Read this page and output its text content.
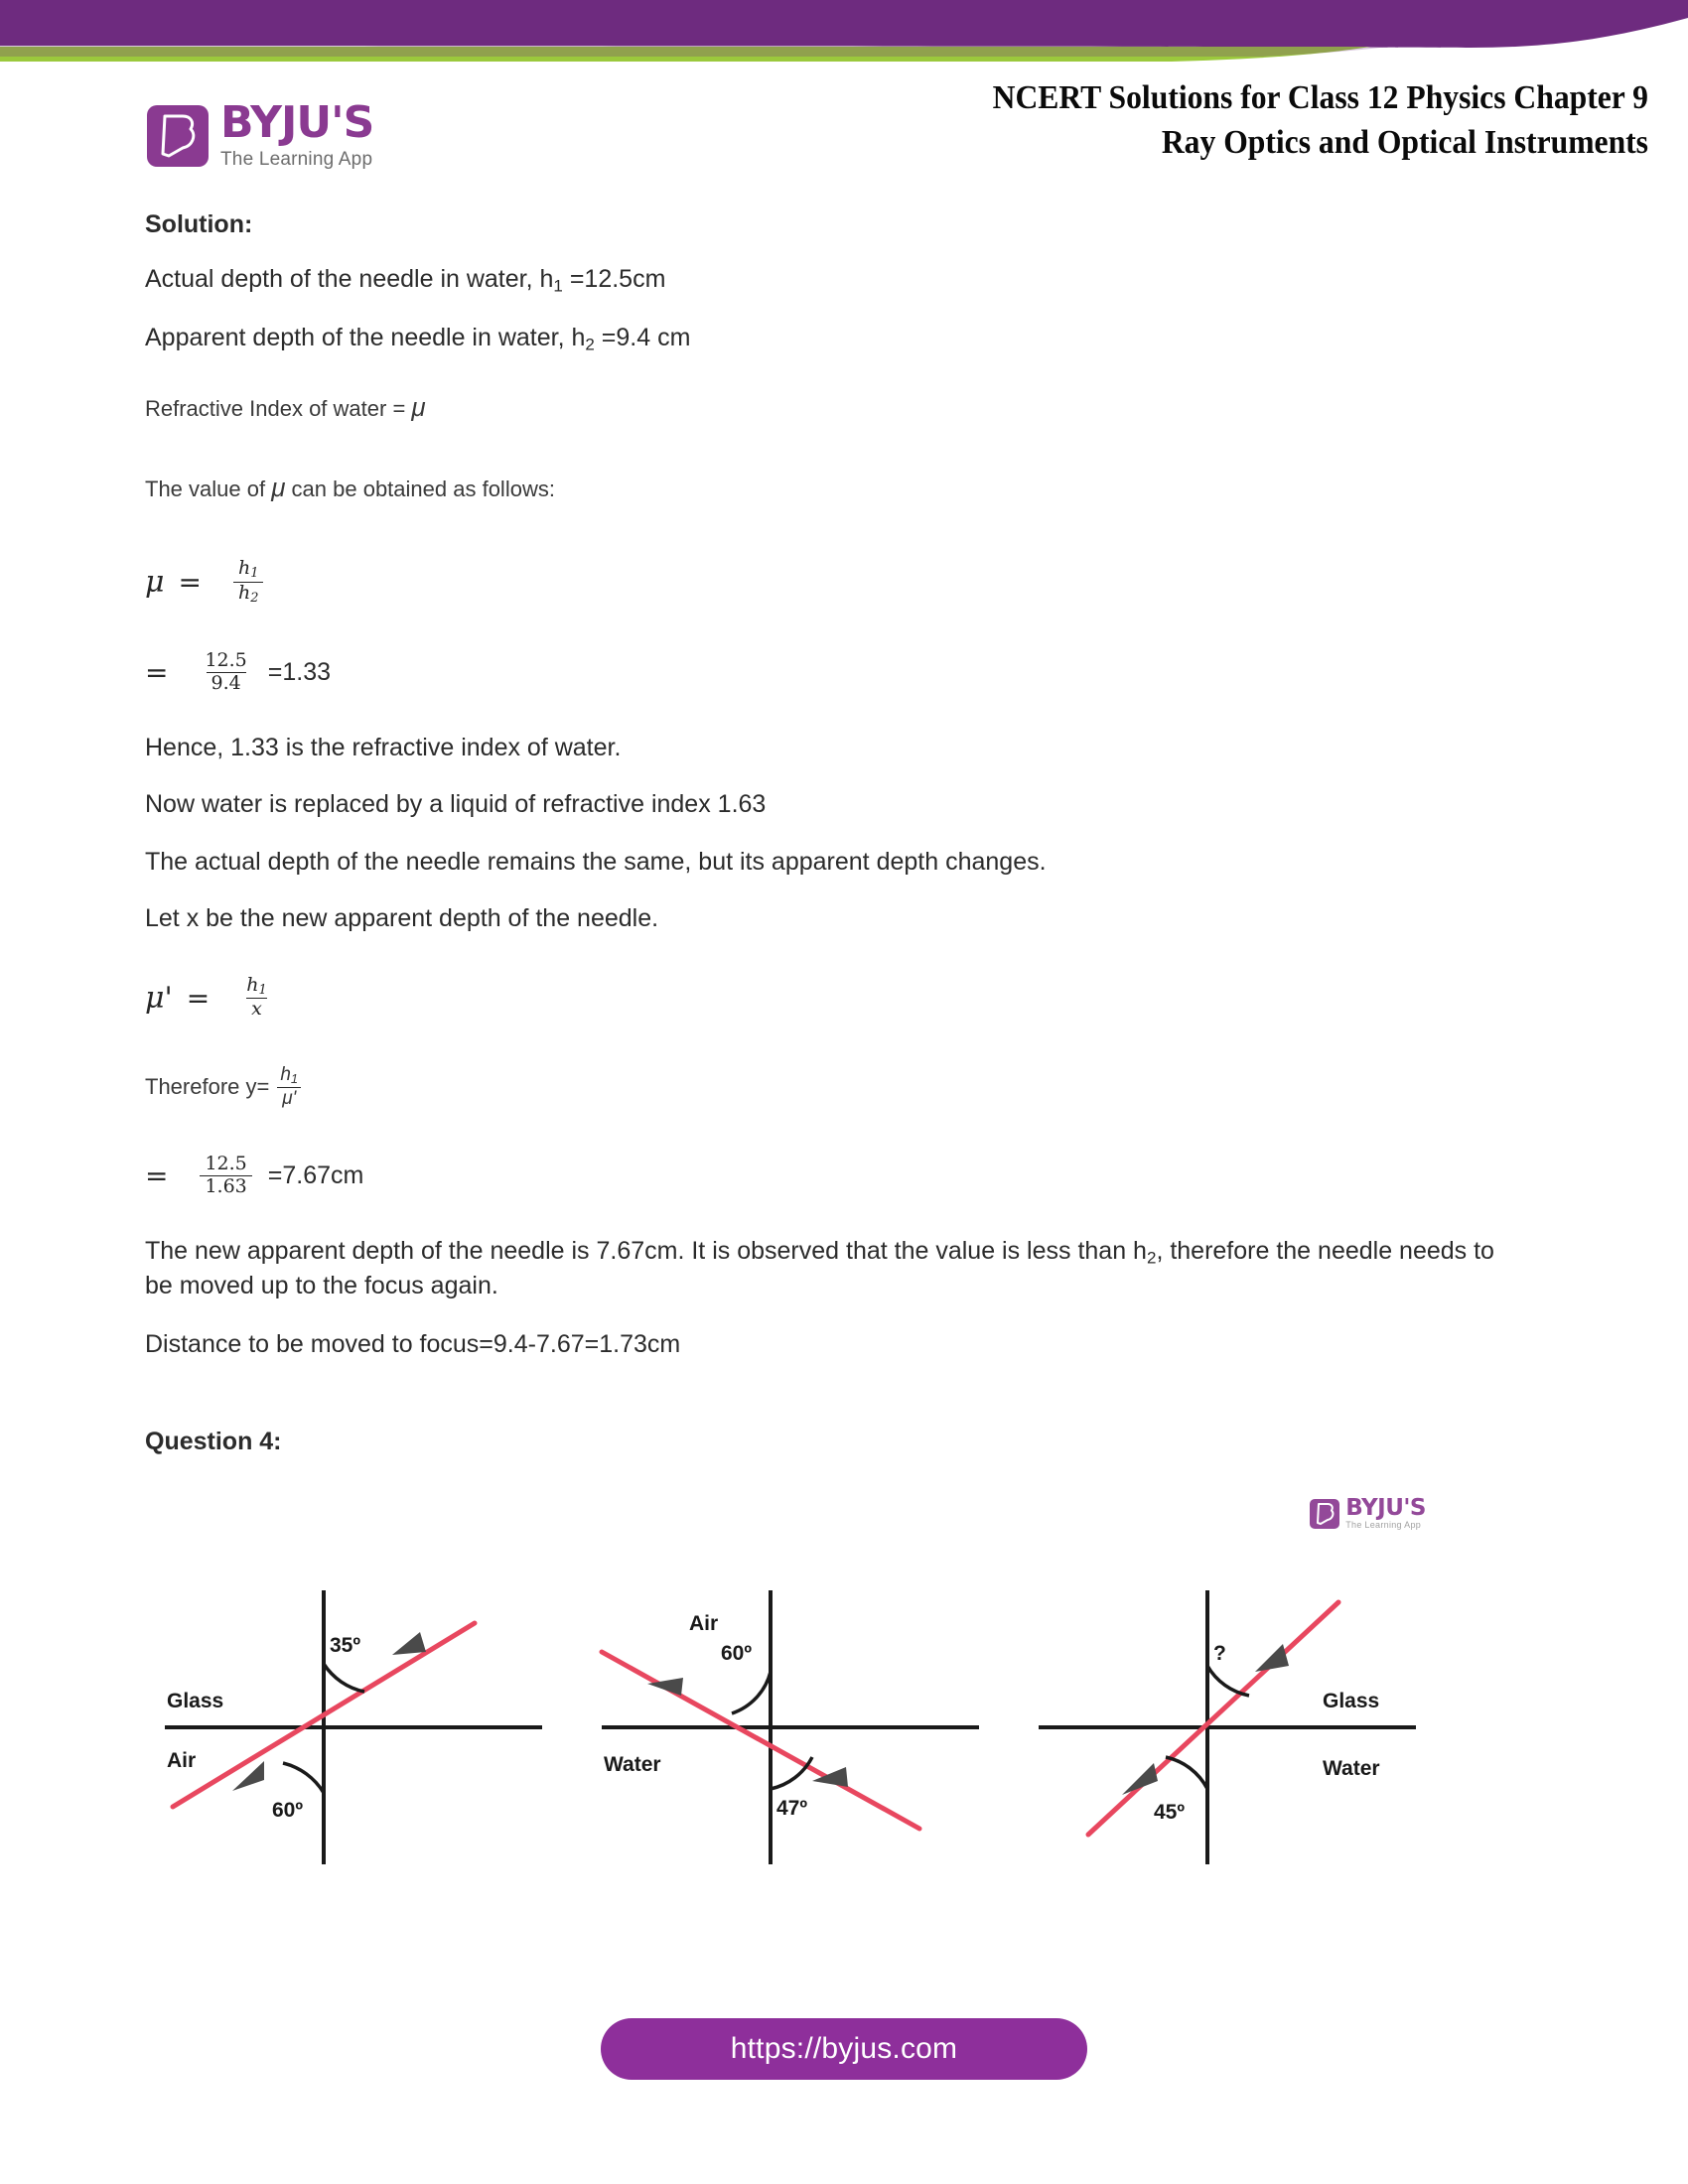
BYJU'S
The Learning App
NCERT Solutions for Class 12 Physics Chapter 9
Ray Optics and Optical Instruments
Solution:
Actual depth of the needle in water, $h_1 =12.5cm$
Apparent depth of the needle in water, $h_2 =9.4$ cm
Refractive Index of water = μ
The value of μ can be obtained as follows:
$\mu = \frac{h_1}{h_2}$
= $\frac{12.5}{9.4} =1.33$
Hence, 1.33 is the refractive index of water.
Now water is replaced by a liquid of refractive index 1.63
The actual depth of the needle remains the same, but its apparent depth changes.
Let x be the new apparent depth of the needle.
$\mu' = \frac{h_1}{x}$
Therefore $y= \frac{h_1}{\mu'}$
= $\frac{12.5}{1.63} =7.67cm$
The new apparent depth of the needle is 7.67cm. It is observed that the value is less than $h_2$, therefore the needle needs to be moved up to the focus again.
Distance to be moved to focus=9.4-7.67=1.73cm
Question 4:
BYJU'S
The Learning App
35º
60º
Glass
Air
60º
47º
Air
Water
?
45º
Glass
Water
https://byjus.com
